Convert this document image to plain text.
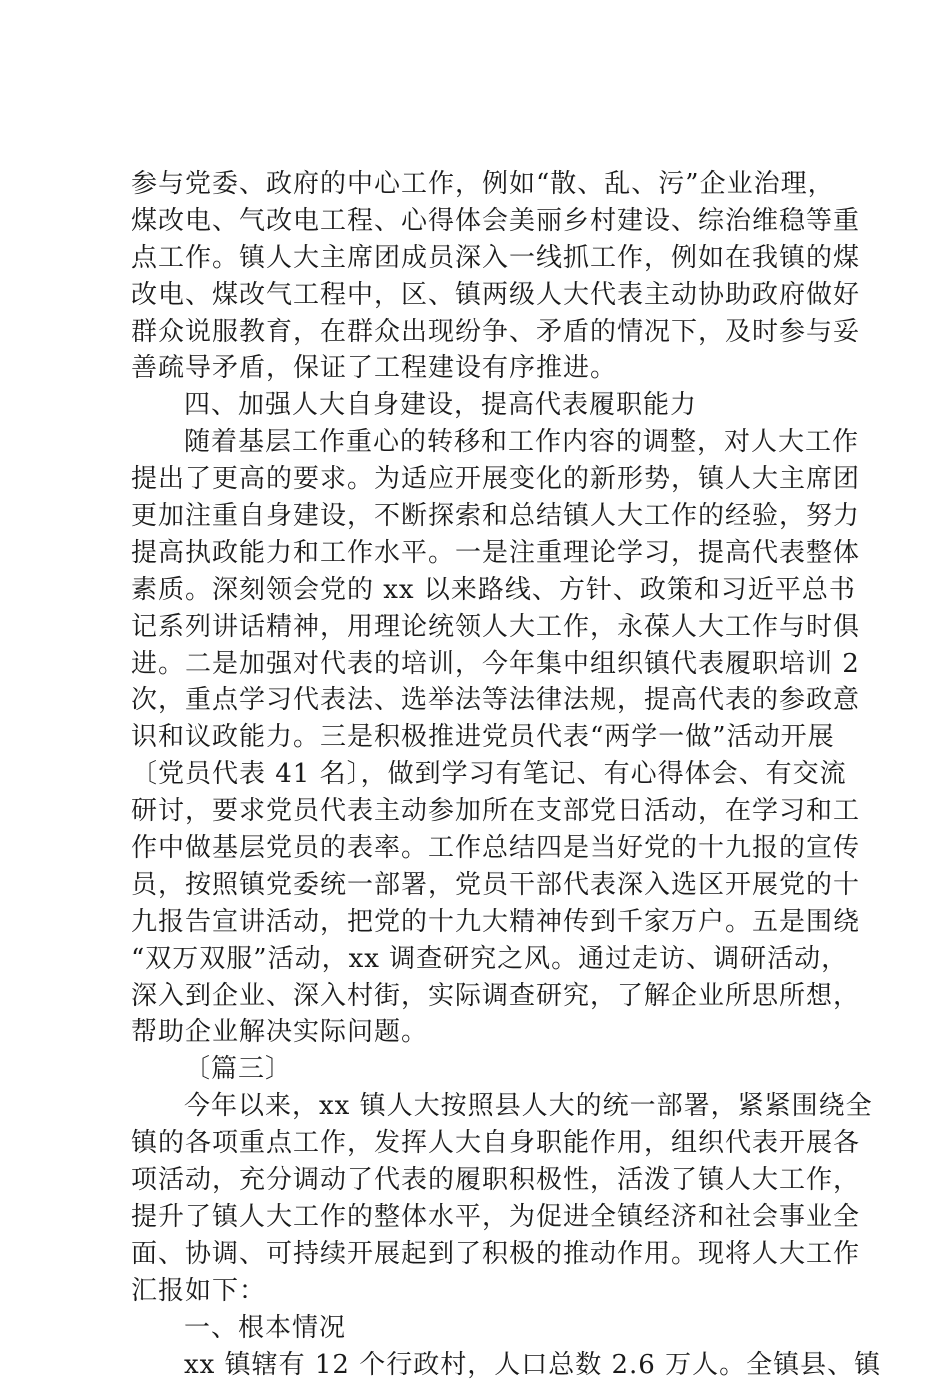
参与党委、政府的中心工作，例如“散、乱、污”企业治理，
煤改电、气改电工程、心得体会美丽乡村建设、综治维稳等重
点工作。镇人大主席团成员深入一线抓工作，例如在我镇的煤
改电、煤改气工程中，区、镇两级人大代表主动协助政府做好
群众说服教育，在群众出现纷争、矛盾的情况下，及时参与妥
善疏导矛盾，保证了工程建设有序推进。
四、加强人大自身建设，提高代表履职能力
随着基层工作重心的转移和工作内容的调整，对人大工作
提出了更高的要求。为适应开展变化的新形势，镇人大主席团
更加注重自身建设，不断探索和总结镇人大工作的经验，努力
提高执政能力和工作水平。一是注重理论学习，提高代表整体
素质。深刻领会党的 xx 以来路线、方针、政策和习近平总书
记系列讲话精神，用理论统领人大工作，永葆人大工作与时俱
进。二是加强对代表的培训，今年集中组织镇代表履职培训 2
次，重点学习代表法、选举法等法律法规，提高代表的参政意
识和议政能力。三是积极推进党员代表“两学一做”活动开展
〔党员代表 41 名〕，做到学习有笔记、有心得体会、有交流
研讨，要求党员代表主动参加所在支部党日活动，在学习和工
作中做基层党员的表率。工作总结四是当好党的十九报的宣传
员，按照镇党委统一部署，党员干部代表深入选区开展党的十
九报告宣讲活动，把党的十九大精神传到千家万户。五是围绕
“双万双服”活动，xx 调查研究之风。通过走访、调研活动，
深入到企业、深入村街，实际调查研究，了解企业所思所想，
帮助企业解决实际问题。
〔篇三〕
今年以来，xx 镇人大按照县人大的统一部署，紧紧围绕全
镇的各项重点工作，发挥人大自身职能作用，组织代表开展各
项活动，充分调动了代表的履职积极性，活泼了镇人大工作，
提升了镇人大工作的整体水平，为促进全镇经济和社会事业全
面、协调、可持续开展起到了积极的推动作用。现将人大工作
汇报如下：
一、根本情况
xx 镇辖有 12 个行政村，人口总数 2.6 万人。全镇县、镇
